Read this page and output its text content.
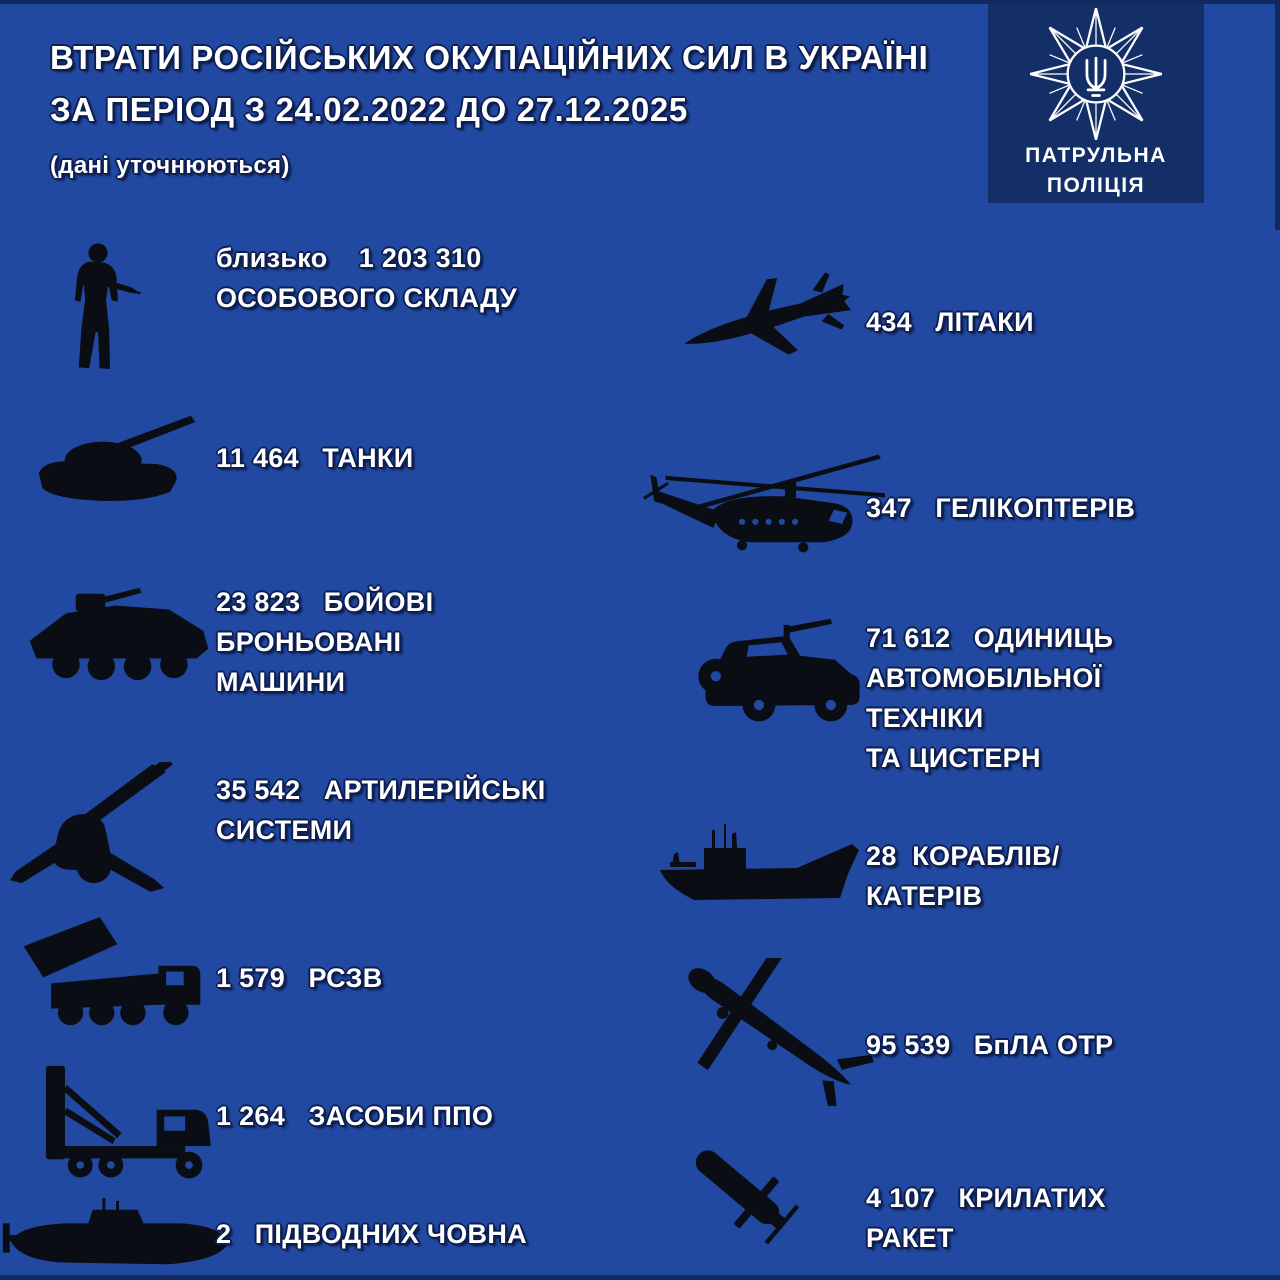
ВТРАТИ РОСІЙСЬКИХ ОКУПАЦІЙНИХ СИЛ В УКРАЇНІ
ЗА ПЕРІОД З 24.02.2022 ДО 27.12.2025
(дані уточнюються)	ПАТРУЛЬНА
ПОЛІЦІЯ
близько    1 203 310
ОСОБОВОГО СКЛАДУ
11 464   ТАНКИ
23 823   БОЙОВІ
БРОНЬОВАНІ
МАШИНИ
35 542   АРТИЛЕРІЙСЬКІ
СИСТЕМИ
1 579   РСЗВ
1 264   ЗАСОБИ ППО
2   ПІДВОДНИХ ЧОВНА
434   ЛІТАКИ
347   ГЕЛІКОПТЕРІВ
71 612   ОДИНИЦЬ
АВТОМОБІЛЬНОЇ
ТЕХНІКИ
ТА ЦИСТЕРН
28  КОРАБЛІВ/
КАТЕРІВ
95 539   БпЛА ОТР
4 107   КРИЛАТИХ
РАКЕТ
